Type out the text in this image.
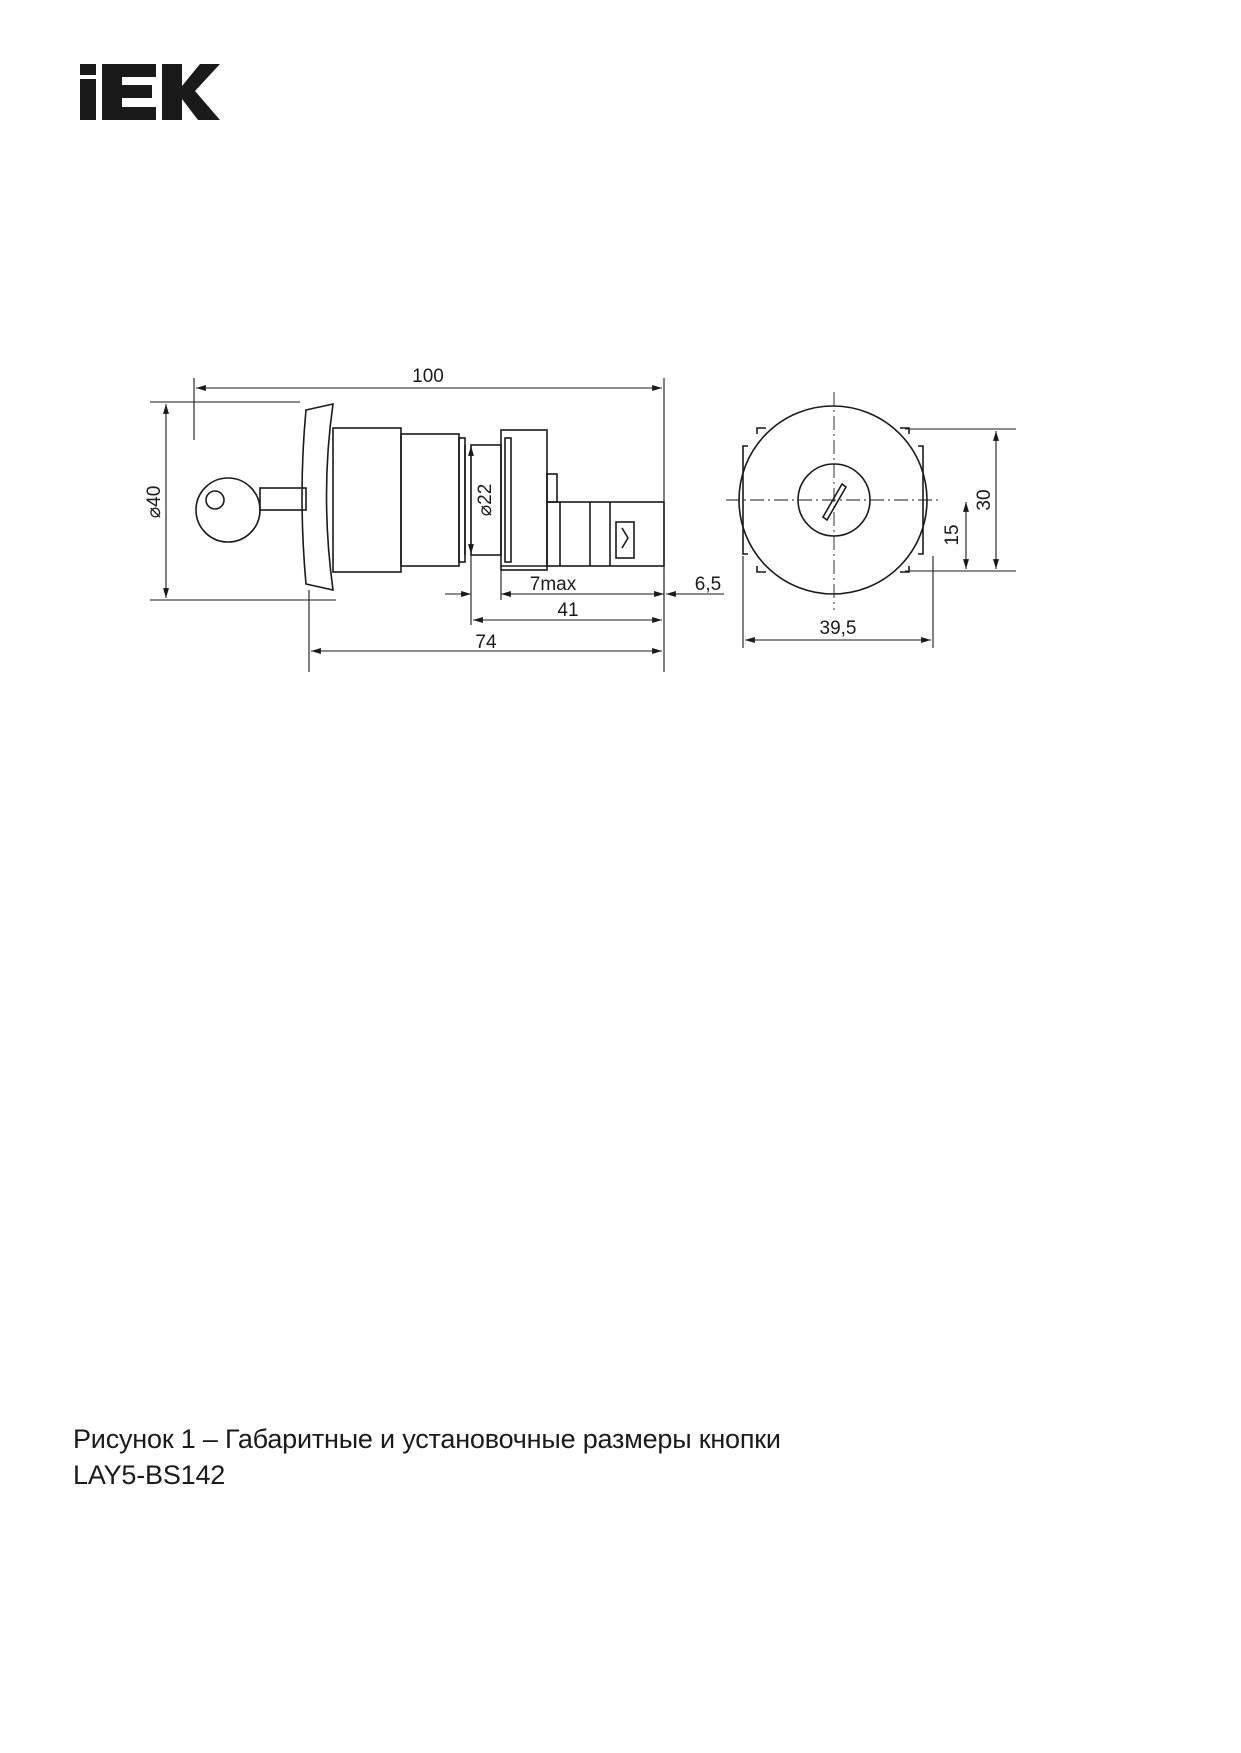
100
⌀40	⌀22
7max	6,5
41
74
30
15
39,5
Рисунок 1 – Габаритные и установочные размеры кнопки
LAY5-BS142
